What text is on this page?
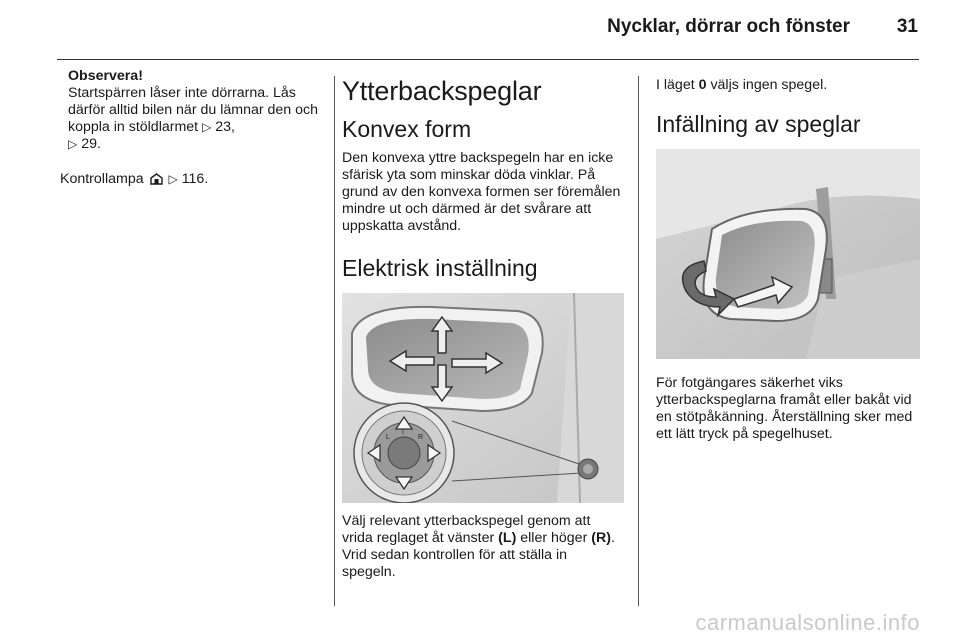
Nycklar, dörrar och fönster 31
Observera!
Startspärren låser inte dörrarna. Lås därför alltid bilen när du lämnar den och koppla in stöldlarmet ▷ 23,
▷ 29.

Kontrollampa ▷ 116.

Ytterbackspeglar
Konvex form

Den konvexa yttre backspegeln har en icke sfärisk yta som minskar döda vinklar. På grund av den konvexa formen ser föremålen mindre ut och därmed är det svårare att uppskatta avstånd.

Elektrisk inställning
L
I
R

Välj relevant ytterbackspegel genom att vrida reglaget åt vänster (L) eller höger (R). Vrid sedan kontrollen för att ställa in spegeln.

I läget 0 väljs ingen spegel.

Infällning av speglar

För fotgängares säkerhet viks ytterbackspeglarna framåt eller bakåt vid en stötpåkänning. Återställning sker med ett lätt tryck på spegelhuset.

carmanualsonline.info
